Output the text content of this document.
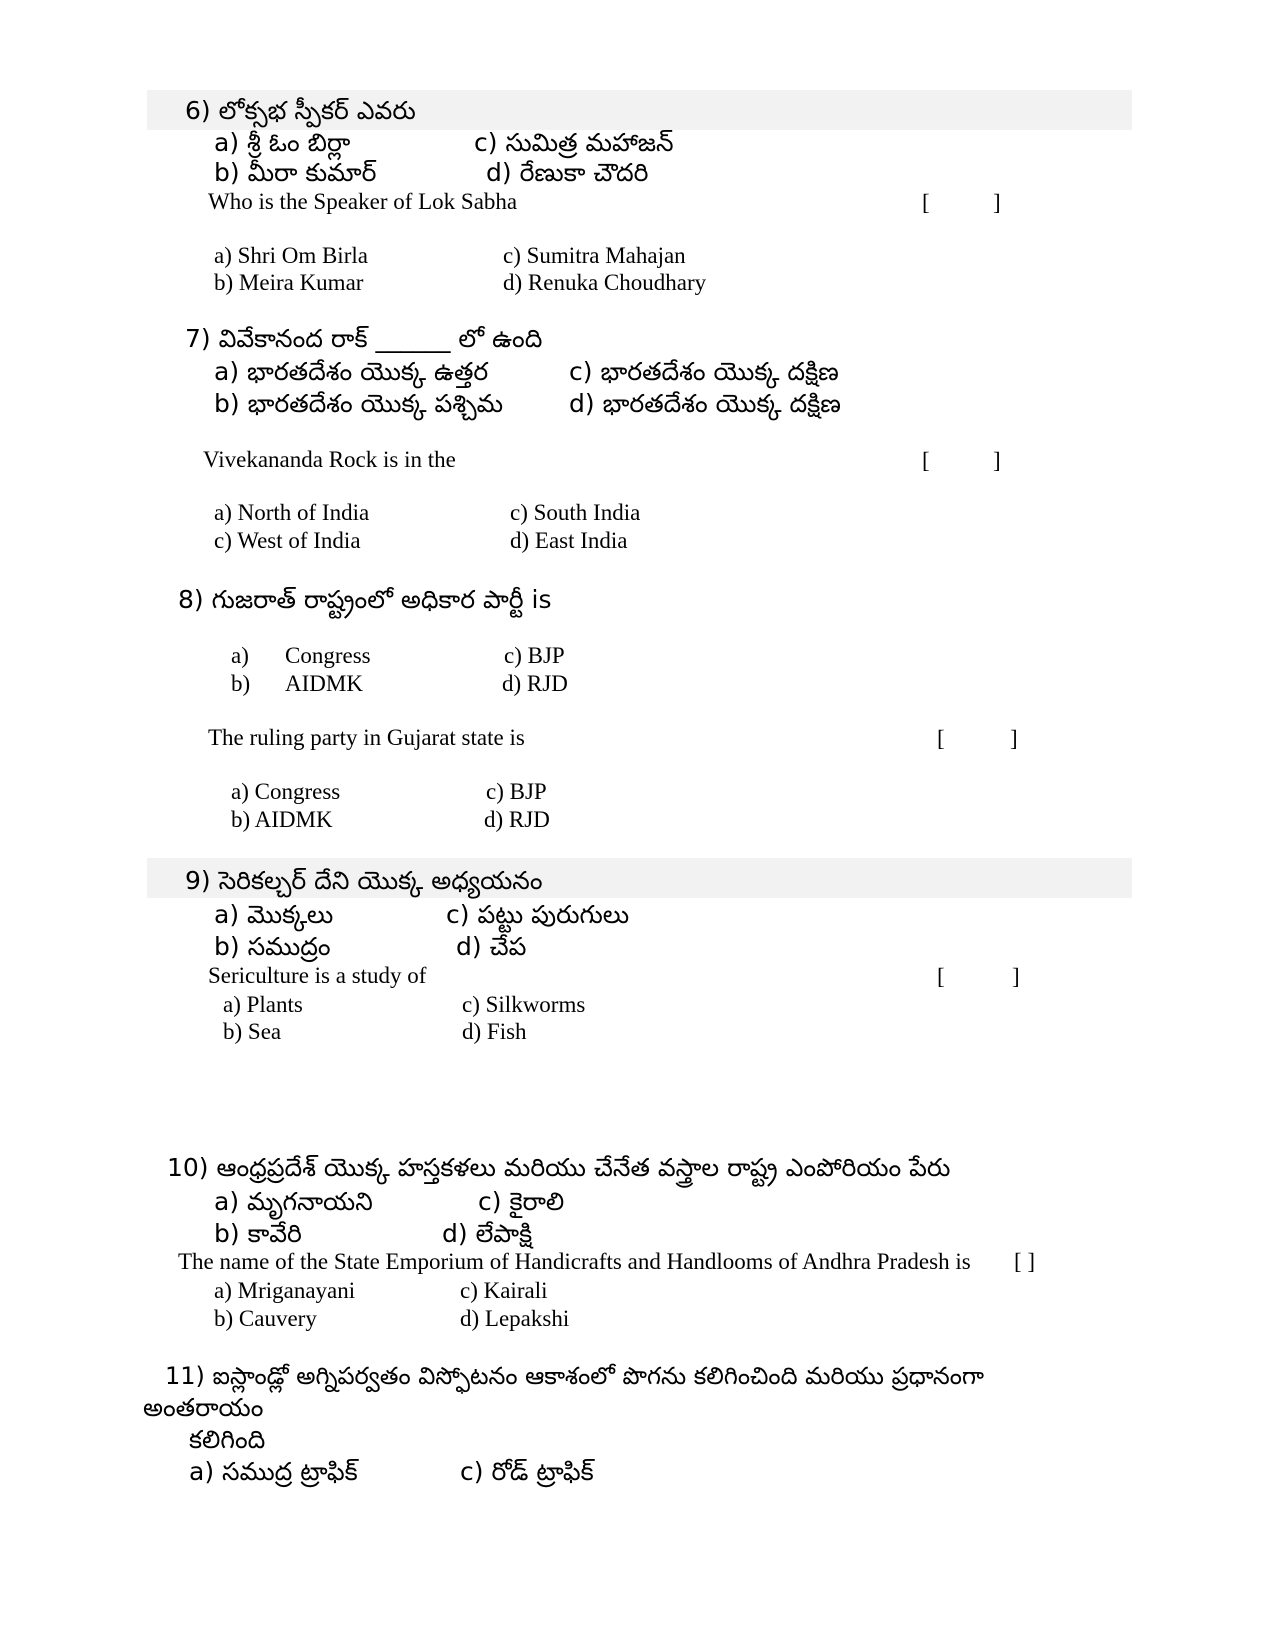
6) లోక్సభ స్పీకర్ ఎవరు
a) శ్రీ ఓం బిర్లా	c) సుమిత్ర మహాజన్
b) మీరా కుమార్	d) రేణుకా చౌదరి
Who is the Speaker of Lok Sabha	[	]
a) Shri Om Birla	c) Sumitra Mahajan
b) Meira Kumar	d) Renuka Choudhary
7) వివేకానంద రాక్ ______ లో ఉంది
a) భారతదేశం యొక్క ఉత్తర	c) భారతదేశం యొక్క దక్షిణ
b) భారతదేశం యొక్క పశ్చిమ	d) భారతదేశం యొక్క దక్షిణ
Vivekananda Rock is in the	[	]
a) North of India	c) South India
c) West of India	d) East India
8) గుజరాత్ రాష్ట్రంలో అధికార పార్టీ is
a) Congress	c) BJP
b) AIDMK	d) RJD
The ruling party in Gujarat state is	[	]
a) Congress	c) BJP
b) AIDMK	d) RJD
9) సెరికల్చర్ దేని యొక్క అధ్యయనం
a) మొక్కలు	c) పట్టు పురుగులు
b) సముద్రం	d) చేప
Sericulture is a study of	[	]
a) Plants	c) Silkworms
b) Sea	d) Fish
10) ఆంధ్రప్రదేశ్ యొక్క హస్తకళలు మరియు చేనేత వస్త్రాల రాష్ట్ర ఎంపోరియం పేరు
a) మృగనాయని	c) కైరాలి
b) కావేరి	d) లేపాక్షి
The name of the State Emporium of Handicrafts and Handlooms of Andhra Pradesh is [ ]
a) Mriganayani	c) Kairali
b) Cauvery	d) Lepakshi
11) ఐస్లాండ్లో అగ్నిపర్వతం విస్ఫోటనం ఆకాశంలో పొగను కలిగించింది మరియు ప్రధానంగా
అంతరాయం
కలిగింది
a) సముద్ర ట్రాఫిక్	c) రోడ్ ట్రాఫిక్
